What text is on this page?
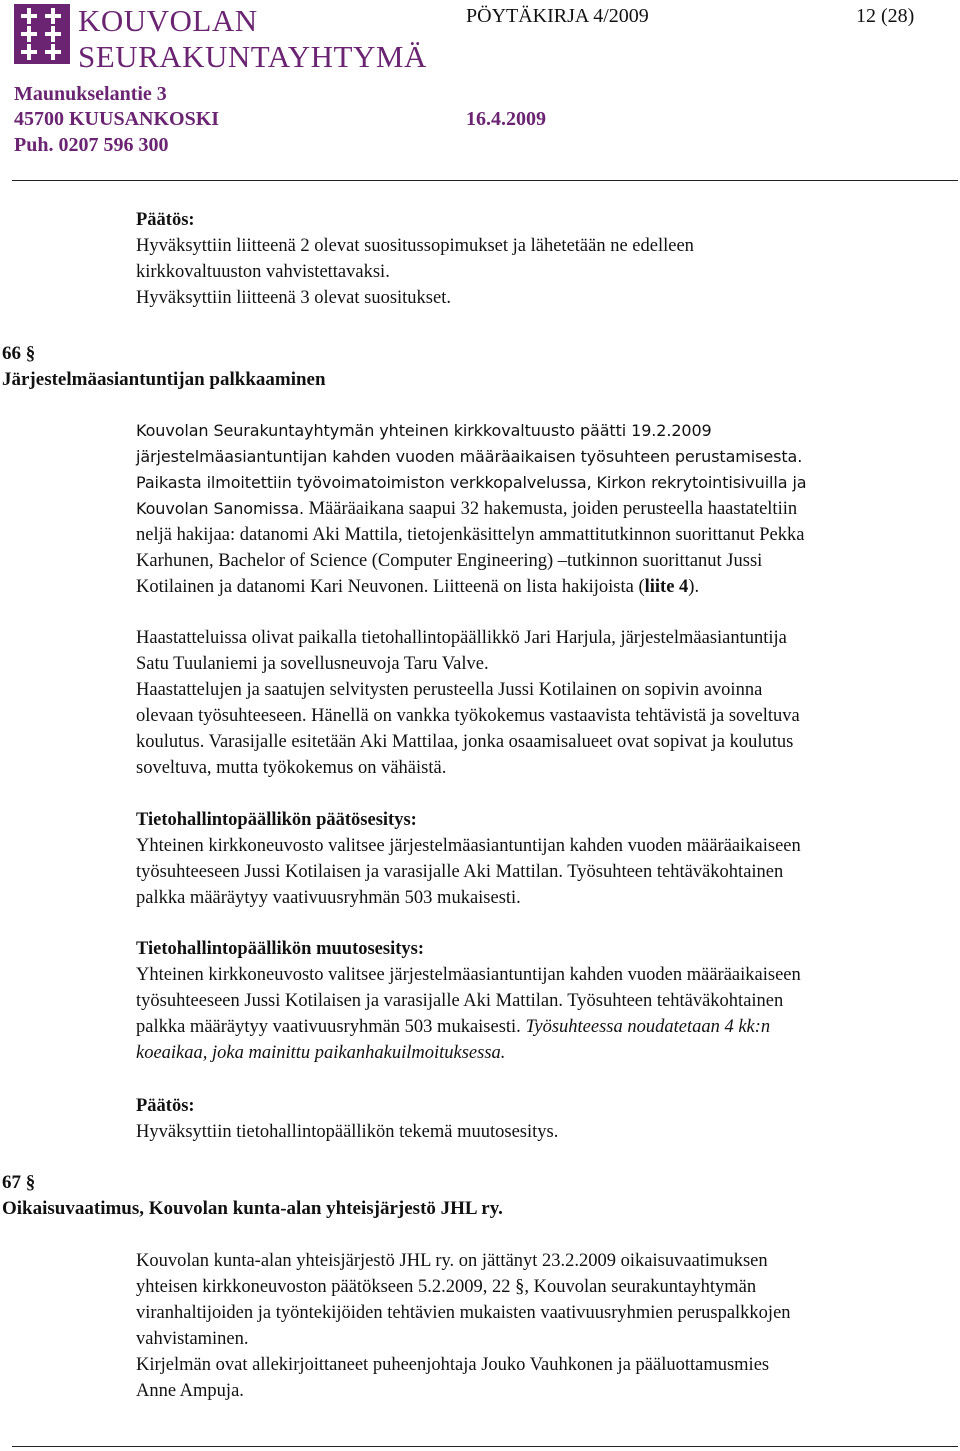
KOUVOLAN
SEURAKUNTAYHTYMÄ
PÖYTÄKIRJA 4/2009	12 (28)
Maunukselantie 3
45700 KUUSANKOSKI
Puh. 0207 596 300
16.4.2009
Päätös:
Hyväksyttiin liitteenä 2 olevat suositussopimukset ja lähetetään ne edelleen
kirkkovaltuuston vahvistettavaksi.
Hyväksyttiin liitteenä 3 olevat suositukset.
66 §
Järjestelmäasiantuntijan palkkaaminen
Kouvolan Seurakuntayhtymän yhteinen kirkkovaltuusto päätti 19.2.2009
järjestelmäasiantuntijan kahden vuoden määräaikaisen työsuhteen perustamisesta.
Paikasta ilmoitettiin työvoimatoimiston verkkopalvelussa, Kirkon rekrytointisivuilla ja
Kouvolan Sanomissa. Määräaikana saapui 32 hakemusta, joiden perusteella haastateltiin
neljä hakijaa: datanomi Aki Mattila, tietojenkäsittelyn ammattitutkinnon suorittanut Pekka
Karhunen, Bachelor of Science (Computer Engineering) –tutkinnon suorittanut Jussi
Kotilainen ja datanomi Kari Neuvonen. Liitteenä on lista hakijoista (liite 4).
Haastatteluissa olivat paikalla tietohallintopäällikkö Jari Harjula, järjestelmäasiantuntija
Satu Tuulaniemi ja sovellusneuvoja Taru Valve.
Haastattelujen ja saatujen selvitysten perusteella Jussi Kotilainen on sopivin avoinna
olevaan työsuhteeseen. Hänellä on vankka työkokemus vastaavista tehtävistä ja soveltuva
koulutus. Varasijalle esitetään Aki Mattilaa, jonka osaamisalueet ovat sopivat ja koulutus
soveltuva, mutta työkokemus on vähäistä.
Tietohallintopäällikön päätösesitys:
Yhteinen kirkkoneuvosto valitsee järjestelmäasiantuntijan kahden vuoden määräaikaiseen
työsuhteeseen Jussi Kotilaisen ja varasijalle Aki Mattilan. Työsuhteen tehtäväkohtainen
palkka määräytyy vaativuusryhmän 503 mukaisesti.
Tietohallintopäällikön muutosesitys:
Yhteinen kirkkoneuvosto valitsee järjestelmäasiantuntijan kahden vuoden määräaikaiseen
työsuhteeseen Jussi Kotilaisen ja varasijalle Aki Mattilan. Työsuhteen tehtäväkohtainen
palkka määräytyy vaativuusryhmän 503 mukaisesti. Työsuhteessa noudatetaan 4 kk:n
koeaikaa, joka mainittu paikanhakuilmoituksessa.
Päätös:
Hyväksyttiin tietohallintopäällikön tekemä muutosesitys.
67 §
Oikaisuvaatimus, Kouvolan kunta-alan yhteisjärjestö JHL ry.
Kouvolan kunta-alan yhteisjärjestö JHL ry. on jättänyt 23.2.2009 oikaisuvaatimuksen
yhteisen kirkkoneuvoston päätökseen 5.2.2009, 22 §, Kouvolan seurakuntayhtymän
viranhaltijoiden ja työntekijöiden tehtävien mukaisten vaativuusryhmien peruspalkkojen
vahvistaminen.
Kirjelmän ovat allekirjoittaneet puheenjohtaja Jouko Vauhkonen ja pääluottamusmies
Anne Ampuja.
